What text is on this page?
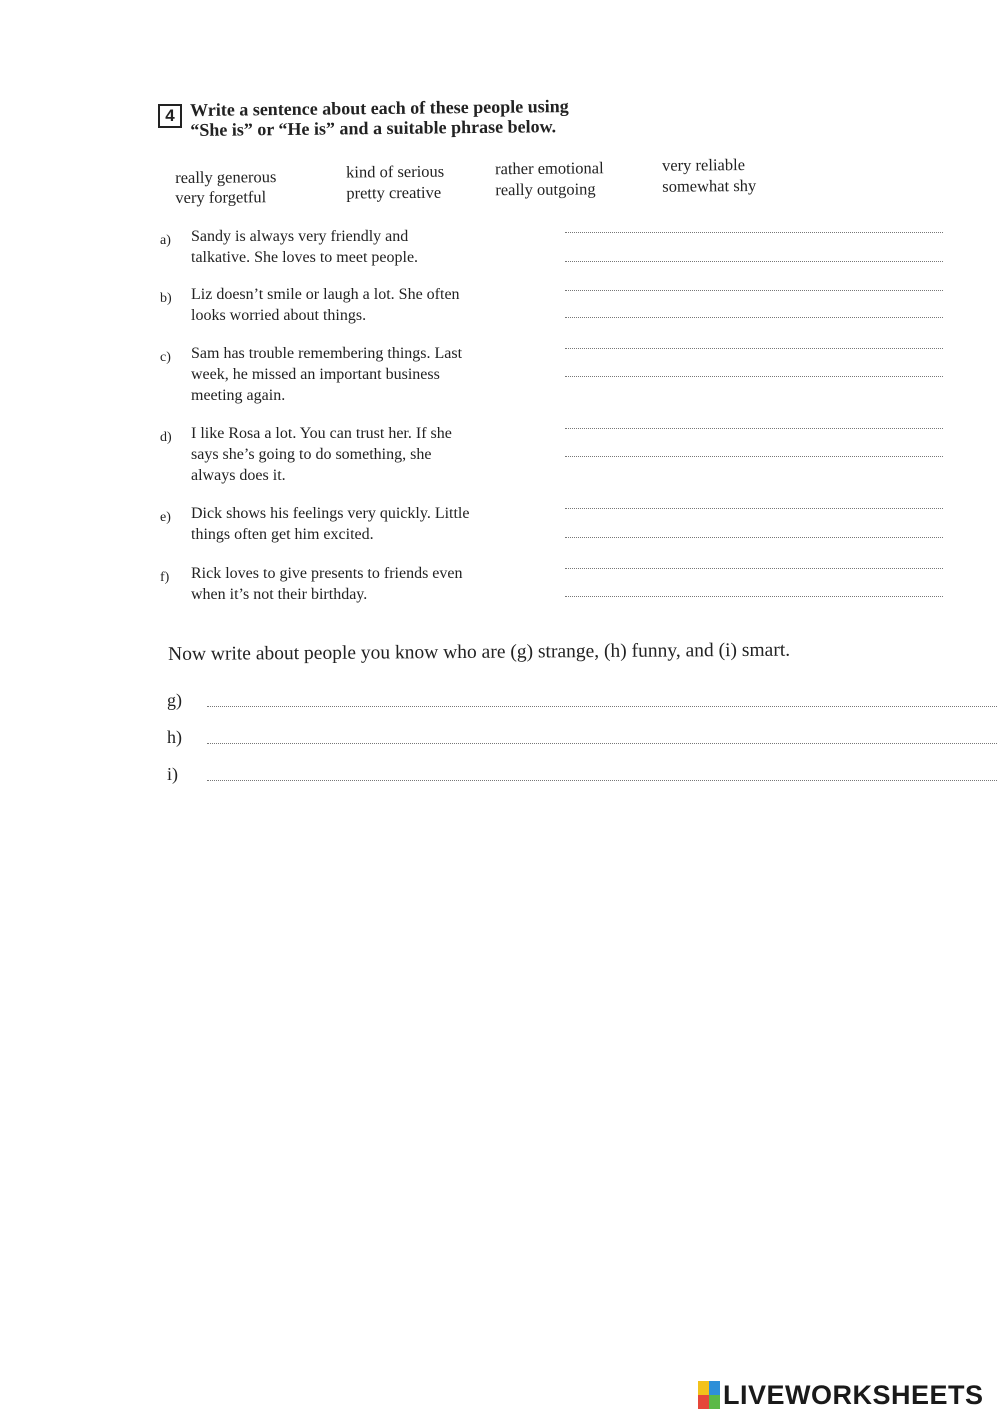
4 Write a sentence about each of these people using
“She is” or “He is” and a suitable phrase below.
really generous
very forgetful
kind of serious
pretty creative
rather emotional
really outgoing
very reliable
somewhat shy
a) Sandy is always very friendly and
talkative. She loves to meet people.
b) Liz doesn’t smile or laugh a lot. She often
looks worried about things.
c) Sam has trouble remembering things. Last
week, he missed an important business
meeting again.
d) I like Rosa a lot. You can trust her. If she
says she’s going to do something, she
always does it.
e) Dick shows his feelings very quickly. Little
things often get him excited.
f) Rick loves to give presents to friends even
when it’s not their birthday.
Now write about people you know who are (g) strange, (h) funny, and (i) smart.
g)
h)
i)
LIVEWORKSHEETS
